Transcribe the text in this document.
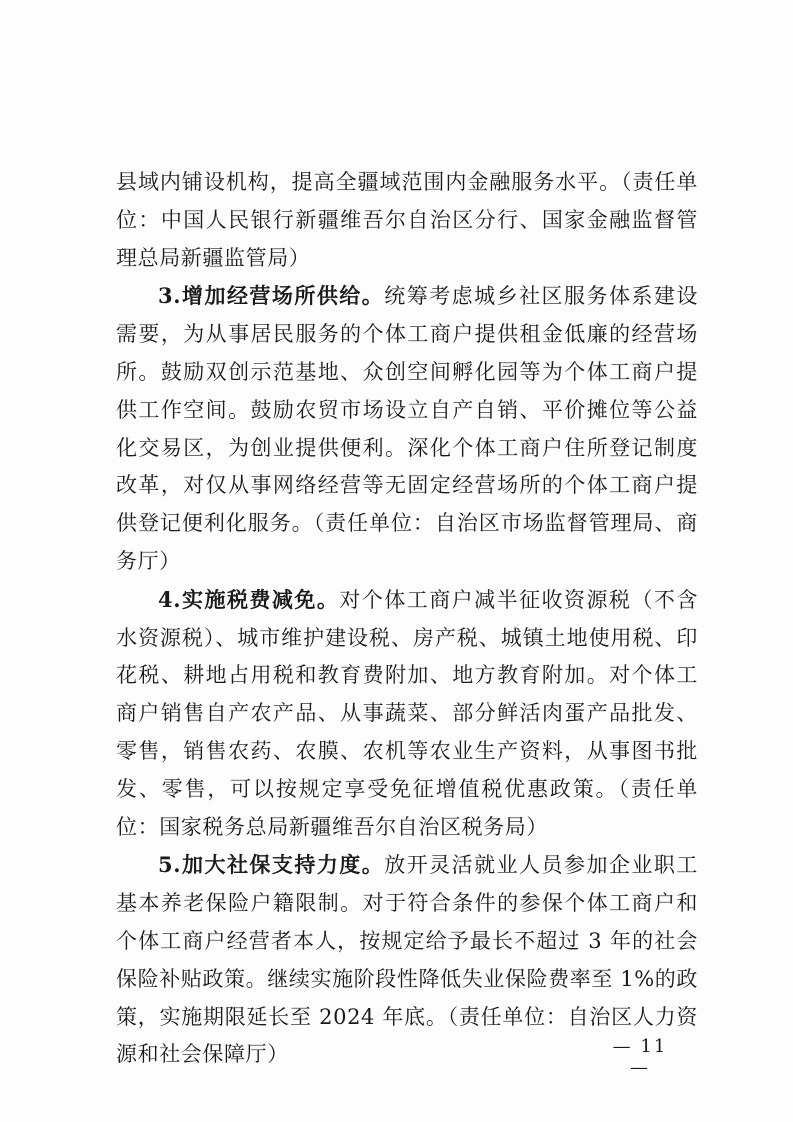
县域内铺设机构，提高全疆域范围内金融服务水平。（责任单位：中国人民银行新疆维吾尔自治区分行、国家金融监督管理总局新疆监管局）

3.增加经营场所供给。统筹考虑城乡社区服务体系建设需要，为从事居民服务的个体工商户提供租金低廉的经营场所。鼓励双创示范基地、众创空间孵化园等为个体工商户提供工作空间。鼓励农贸市场设立自产自销、平价摊位等公益化交易区，为创业提供便利。深化个体工商户住所登记制度改革，对仅从事网络经营等无固定经营场所的个体工商户提供登记便利化服务。（责任单位：自治区市场监督管理局、商务厅）

4.实施税费减免。对个体工商户减半征收资源税（不含水资源税）、城市维护建设税、房产税、城镇土地使用税、印花税、耕地占用税和教育费附加、地方教育附加。对个体工商户销售自产农产品、从事蔬菜、部分鲜活肉蛋产品批发、零售，销售农药、农膜、农机等农业生产资料，从事图书批发、零售，可以按规定享受免征增值税优惠政策。（责任单位：国家税务总局新疆维吾尔自治区税务局）

5.加大社保支持力度。放开灵活就业人员参加企业职工基本养老保险户籍限制。对于符合条件的参保个体工商户和个体工商户经营者本人，按规定给予最长不超过 3 年的社会保险补贴政策。继续实施阶段性降低失业保险费率至 1%的政策，实施期限延长至 2024 年底。（责任单位：自治区人力资源和社会保障厅）	— 11 —
